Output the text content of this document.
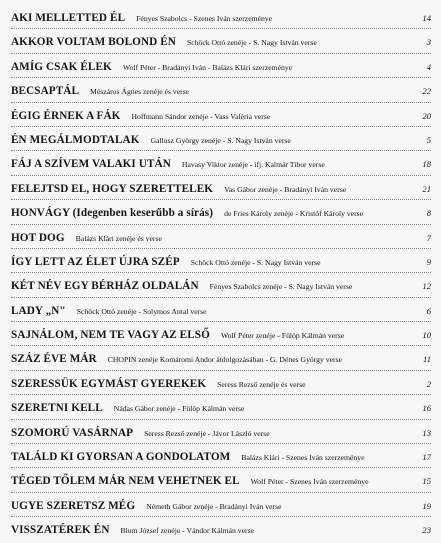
AKI MELLETTED ÉL Fényes Szabolcs - Szenes Iván szerzeménye	14
AKKOR VOLTAM BOLOND ÉN Schöck Ottó zenéje - S. Nagy István verse	3
AMÍG CSAK ÉLEK Wolf Péter - Bradányi Iván - Balázs Klári szerzeménye	4
BECSAPTÁL Mészáros Ágnes zenéje és verse	22
ÉGIG ÉRNEK A FÁK Hoffmann Sándor zenéje - Vass Valéria verse	20
ÉN MEGÁLMODTALAK Gallusz György zenéje - S. Nagy István verse	5
FÁJ A SZÍVEM VALAKI UTÁN Havasy Viktor zenéje - ifj. Kalmár Tibor verse	18
FELEJTSD EL, HOGY SZERETTELEK Vas Gábor zenéje - Bradányi Iván verse	21
HONVÁGY (Idegenben keserűbb a sírás) de Fries Károly zenéje - Kristóf Károly verse	8
HOT DOG Balázs Klári zenéje és verse	7
ÍGY LETT AZ ÉLET ÚJRA SZÉP Schöck Ottó zenéje - S. Nagy István verse	9
KÉT NÉV EGY BÉRHÁZ OLDALÁN Fényes Szabolcs zenéje - S. Nagy István verse	12
LADY „N" Schöck Ottó zenéje - Solymos Antal verse	6
SAJNÁLOM, NEM TE VAGY AZ ELSŐ Wolf Péter zenéje - Fülöp Kálmán verse	10
SZÁZ ÉVE MÁR CHOPIN zenéje Komáromi Andor átdolgozásában - G. Dénes György verse	11
SZERESSÜK EGYMÁST GYEREKEK Seress Rezső zenéje és verse	2
SZERETNI KELL Nádas Gábor zenéje - Fülöp Kálmán verse	16
SZOMORÚ VASÁRNAP Seress Rezső zenéje - Jávor László verse	13
TALÁLD KI GYORSAN A GONDOLATOM Balázs Klári - Szenes Iván szerzeménye	17
TÉGED TŐLEM MÁR NEM VEHETNEK EL Wolf Péter - Szenes Iván szerzeménye	15
UGYE SZERETSZ MÉG Németh Gábor zenéje - Bradányi Iván verse	19
VISSZATÉREK ÉN Blum József zenéje - Vándor Kálmán verse	23
